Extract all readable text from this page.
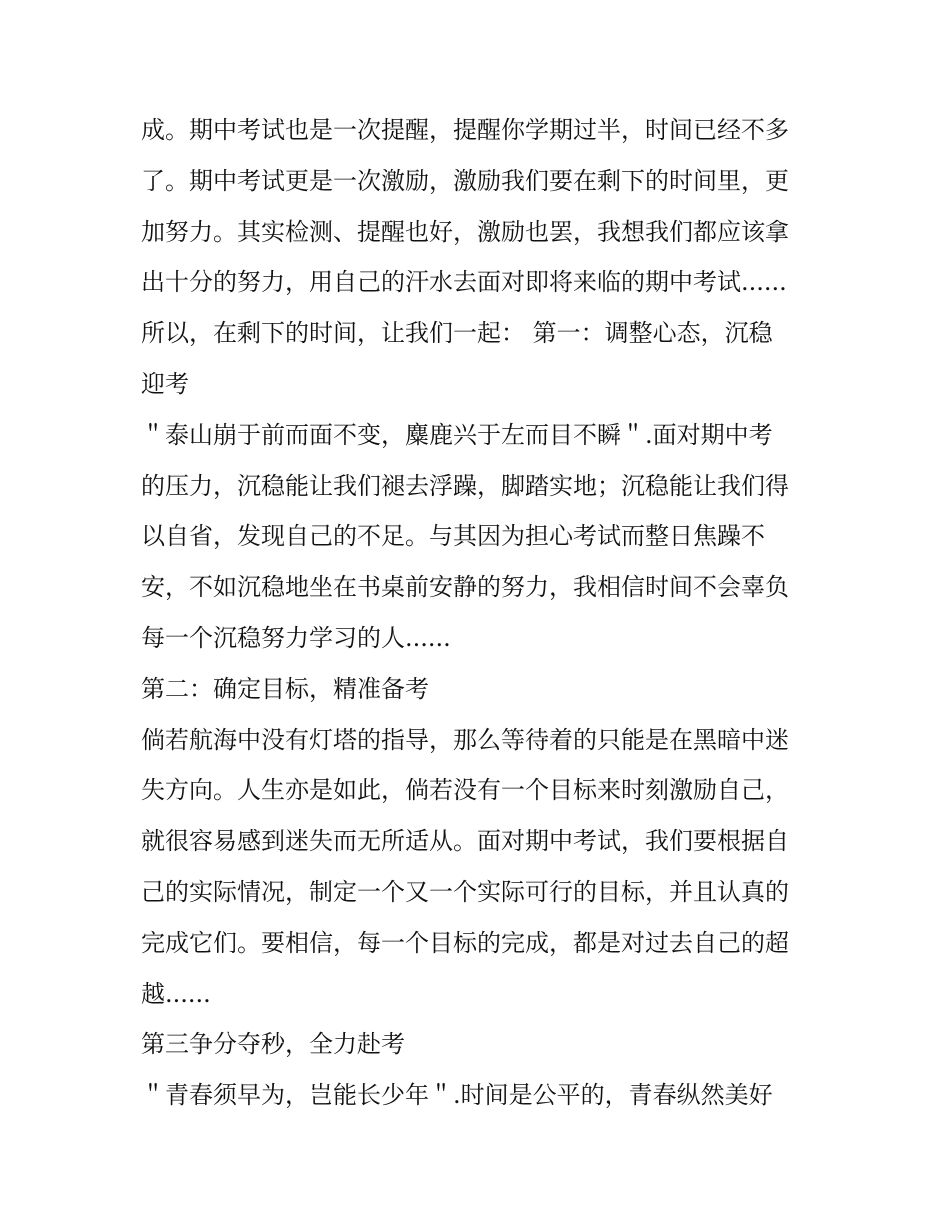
成。期中考试也是一次提醒，提醒你学期过半，时间已经不多
了。期中考试更是一次激励，激励我们要在剩下的时间里，更
加努力。其实检测、提醒也好，激励也罢，我想我们都应该拿
出十分的努力，用自己的汗水去面对即将来临的期中考试......
所以，在剩下的时间，让我们一起： 第一：调整心态，沉稳
迎考
＂泰山崩于前而面不变，麋鹿兴于左而目不瞬＂.面对期中考
的压力，沉稳能让我们褪去浮躁，脚踏实地；沉稳能让我们得
以自省，发现自己的不足。与其因为担心考试而整日焦躁不
安，不如沉稳地坐在书桌前安静的努力，我相信时间不会辜负
每一个沉稳努力学习的人......
第二：确定目标，精准备考
倘若航海中没有灯塔的指导，那么等待着的只能是在黑暗中迷
失方向。人生亦是如此，倘若没有一个目标来时刻激励自己，
就很容易感到迷失而无所适从。面对期中考试，我们要根据自
己的实际情况，制定一个又一个实际可行的目标，并且认真的
完成它们。要相信，每一个目标的完成，都是对过去自己的超
越......
第三争分夺秒，全力赴考
＂青春须早为，岂能长少年＂.时间是公平的，青春纵然美好
